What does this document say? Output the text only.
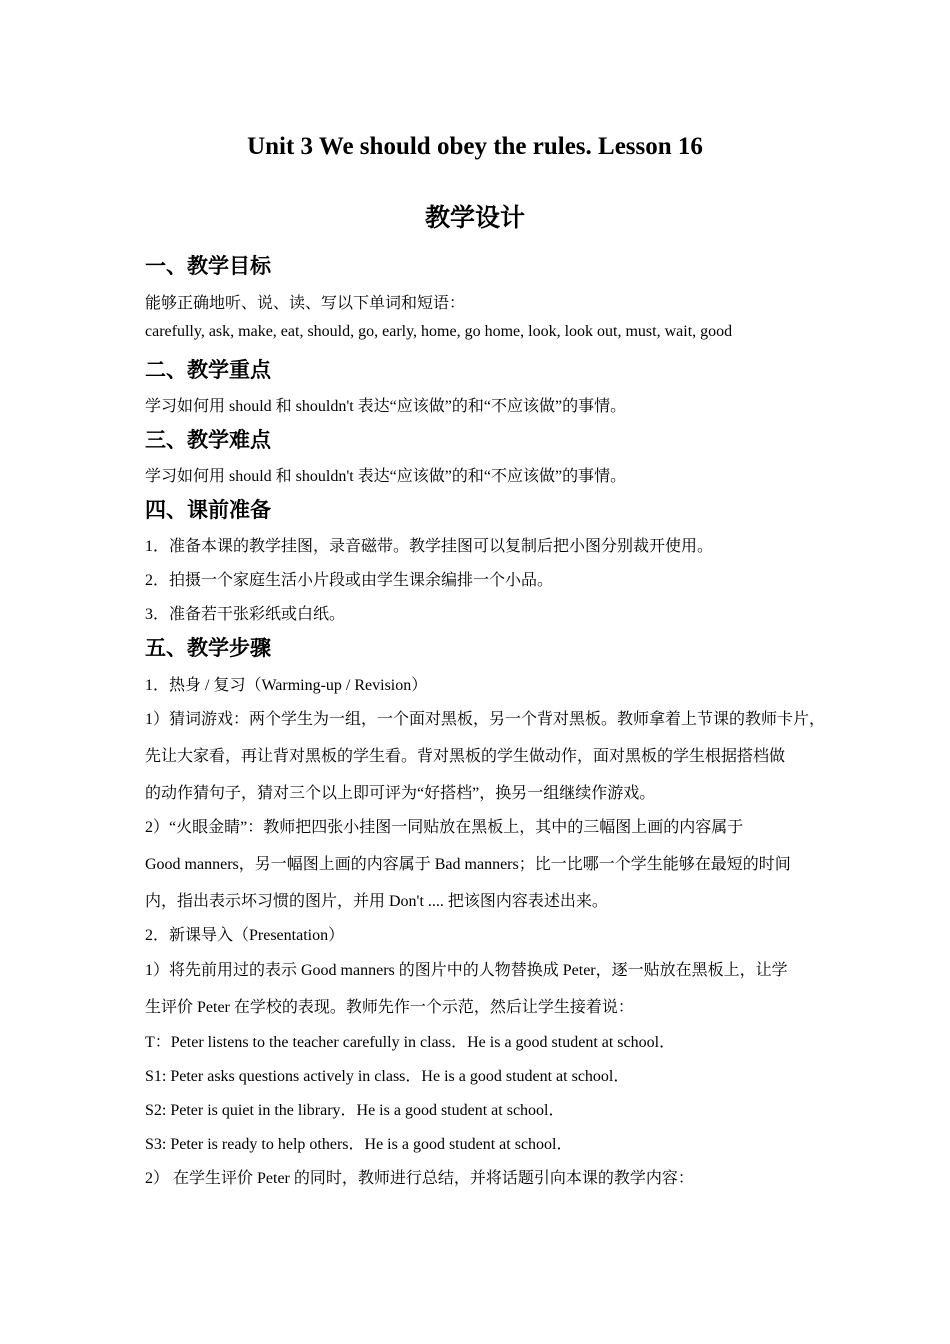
Unit 3 We should obey the rules. Lesson 16
教学设计
一、教学目标
能够正确地听、说、读、写以下单词和短语：
carefully, ask, make, eat, should, go, early, home, go home, look, look out, must, wait, good
二、教学重点
学习如何用 should 和 shouldn't 表达“应该做”的和“不应该做”的事情。
三、教学难点
学习如何用 should 和 shouldn't 表达“应该做”的和“不应该做”的事情。
四、课前准备
1．准备本课的教学挂图，录音磁带。教学挂图可以复制后把小图分别裁开使用。
2．拍摄一个家庭生活小片段或由学生课余编排一个小品。
3．准备若干张彩纸或白纸。
五、教学步骤
1．热身 / 复习（Warming-up / Revision）
1）猜词游戏：两个学生为一组，一个面对黑板，另一个背对黑板。教师拿着上节课的教师卡片，
先让大家看，再让背对黑板的学生看。背对黑板的学生做动作，面对黑板的学生根据搭档做
的动作猜句子，猜对三个以上即可评为“好搭档”，换另一组继续作游戏。
2）“火眼金睛”：教师把四张小挂图一同贴放在黑板上，其中的三幅图上画的内容属于
Good manners，另一幅图上画的内容属于 Bad manners；比一比哪一个学生能够在最短的时间
内，指出表示坏习惯的图片，并用 Don't .... 把该图内容表述出来。
2．新课导入（Presentation）
1）将先前用过的表示 Good manners 的图片中的人物替换成 Peter，逐一贴放在黑板上，让学
生评价 Peter 在学校的表现。教师先作一个示范，然后让学生接着说：
T：Peter listens to the teacher carefully in class．He is a good student at school．
S1: Peter asks questions actively in class．He is a good student at school．
S2: Peter is quiet in the library．He is a good student at school．
S3: Peter is ready to help others．He is a good student at school．
2） 在学生评价 Peter 的同时，教师进行总结，并将话题引向本课的教学内容：
